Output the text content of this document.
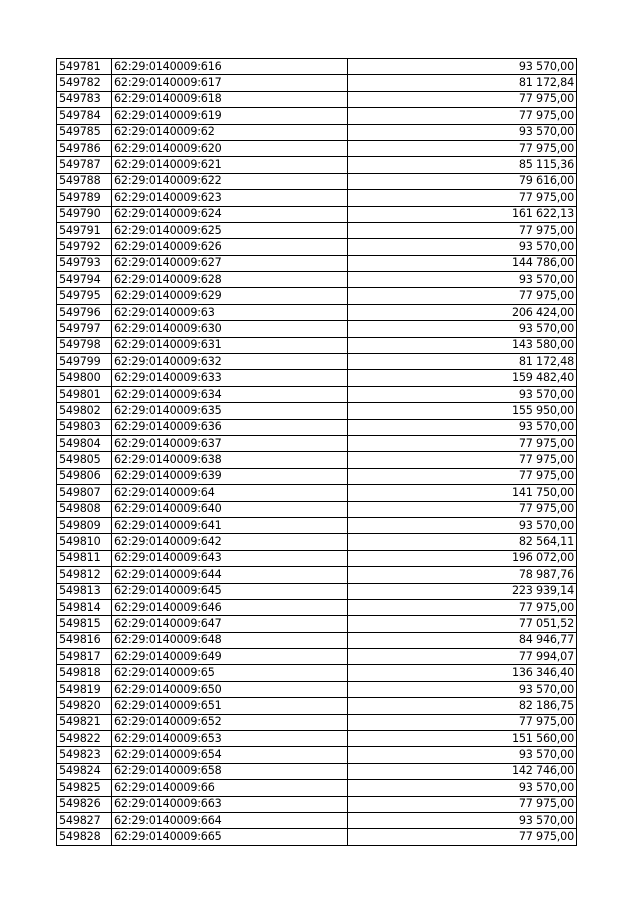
549781	62:29:0140009:616	93 570,00
549782	62:29:0140009:617	81 172,84
549783	62:29:0140009:618	77 975,00
549784	62:29:0140009:619	77 975,00
549785	62:29:0140009:62	93 570,00
549786	62:29:0140009:620	77 975,00
549787	62:29:0140009:621	85 115,36
549788	62:29:0140009:622	79 616,00
549789	62:29:0140009:623	77 975,00
549790	62:29:0140009:624	161 622,13
549791	62:29:0140009:625	77 975,00
549792	62:29:0140009:626	93 570,00
549793	62:29:0140009:627	144 786,00
549794	62:29:0140009:628	93 570,00
549795	62:29:0140009:629	77 975,00
549796	62:29:0140009:63	206 424,00
549797	62:29:0140009:630	93 570,00
549798	62:29:0140009:631	143 580,00
549799	62:29:0140009:632	81 172,48
549800	62:29:0140009:633	159 482,40
549801	62:29:0140009:634	93 570,00
549802	62:29:0140009:635	155 950,00
549803	62:29:0140009:636	93 570,00
549804	62:29:0140009:637	77 975,00
549805	62:29:0140009:638	77 975,00
549806	62:29:0140009:639	77 975,00
549807	62:29:0140009:64	141 750,00
549808	62:29:0140009:640	77 975,00
549809	62:29:0140009:641	93 570,00
549810	62:29:0140009:642	82 564,11
549811	62:29:0140009:643	196 072,00
549812	62:29:0140009:644	78 987,76
549813	62:29:0140009:645	223 939,14
549814	62:29:0140009:646	77 975,00
549815	62:29:0140009:647	77 051,52
549816	62:29:0140009:648	84 946,77
549817	62:29:0140009:649	77 994,07
549818	62:29:0140009:65	136 346,40
549819	62:29:0140009:650	93 570,00
549820	62:29:0140009:651	82 186,75
549821	62:29:0140009:652	77 975,00
549822	62:29:0140009:653	151 560,00
549823	62:29:0140009:654	93 570,00
549824	62:29:0140009:658	142 746,00
549825	62:29:0140009:66	93 570,00
549826	62:29:0140009:663	77 975,00
549827	62:29:0140009:664	93 570,00
549828	62:29:0140009:665	77 975,00
